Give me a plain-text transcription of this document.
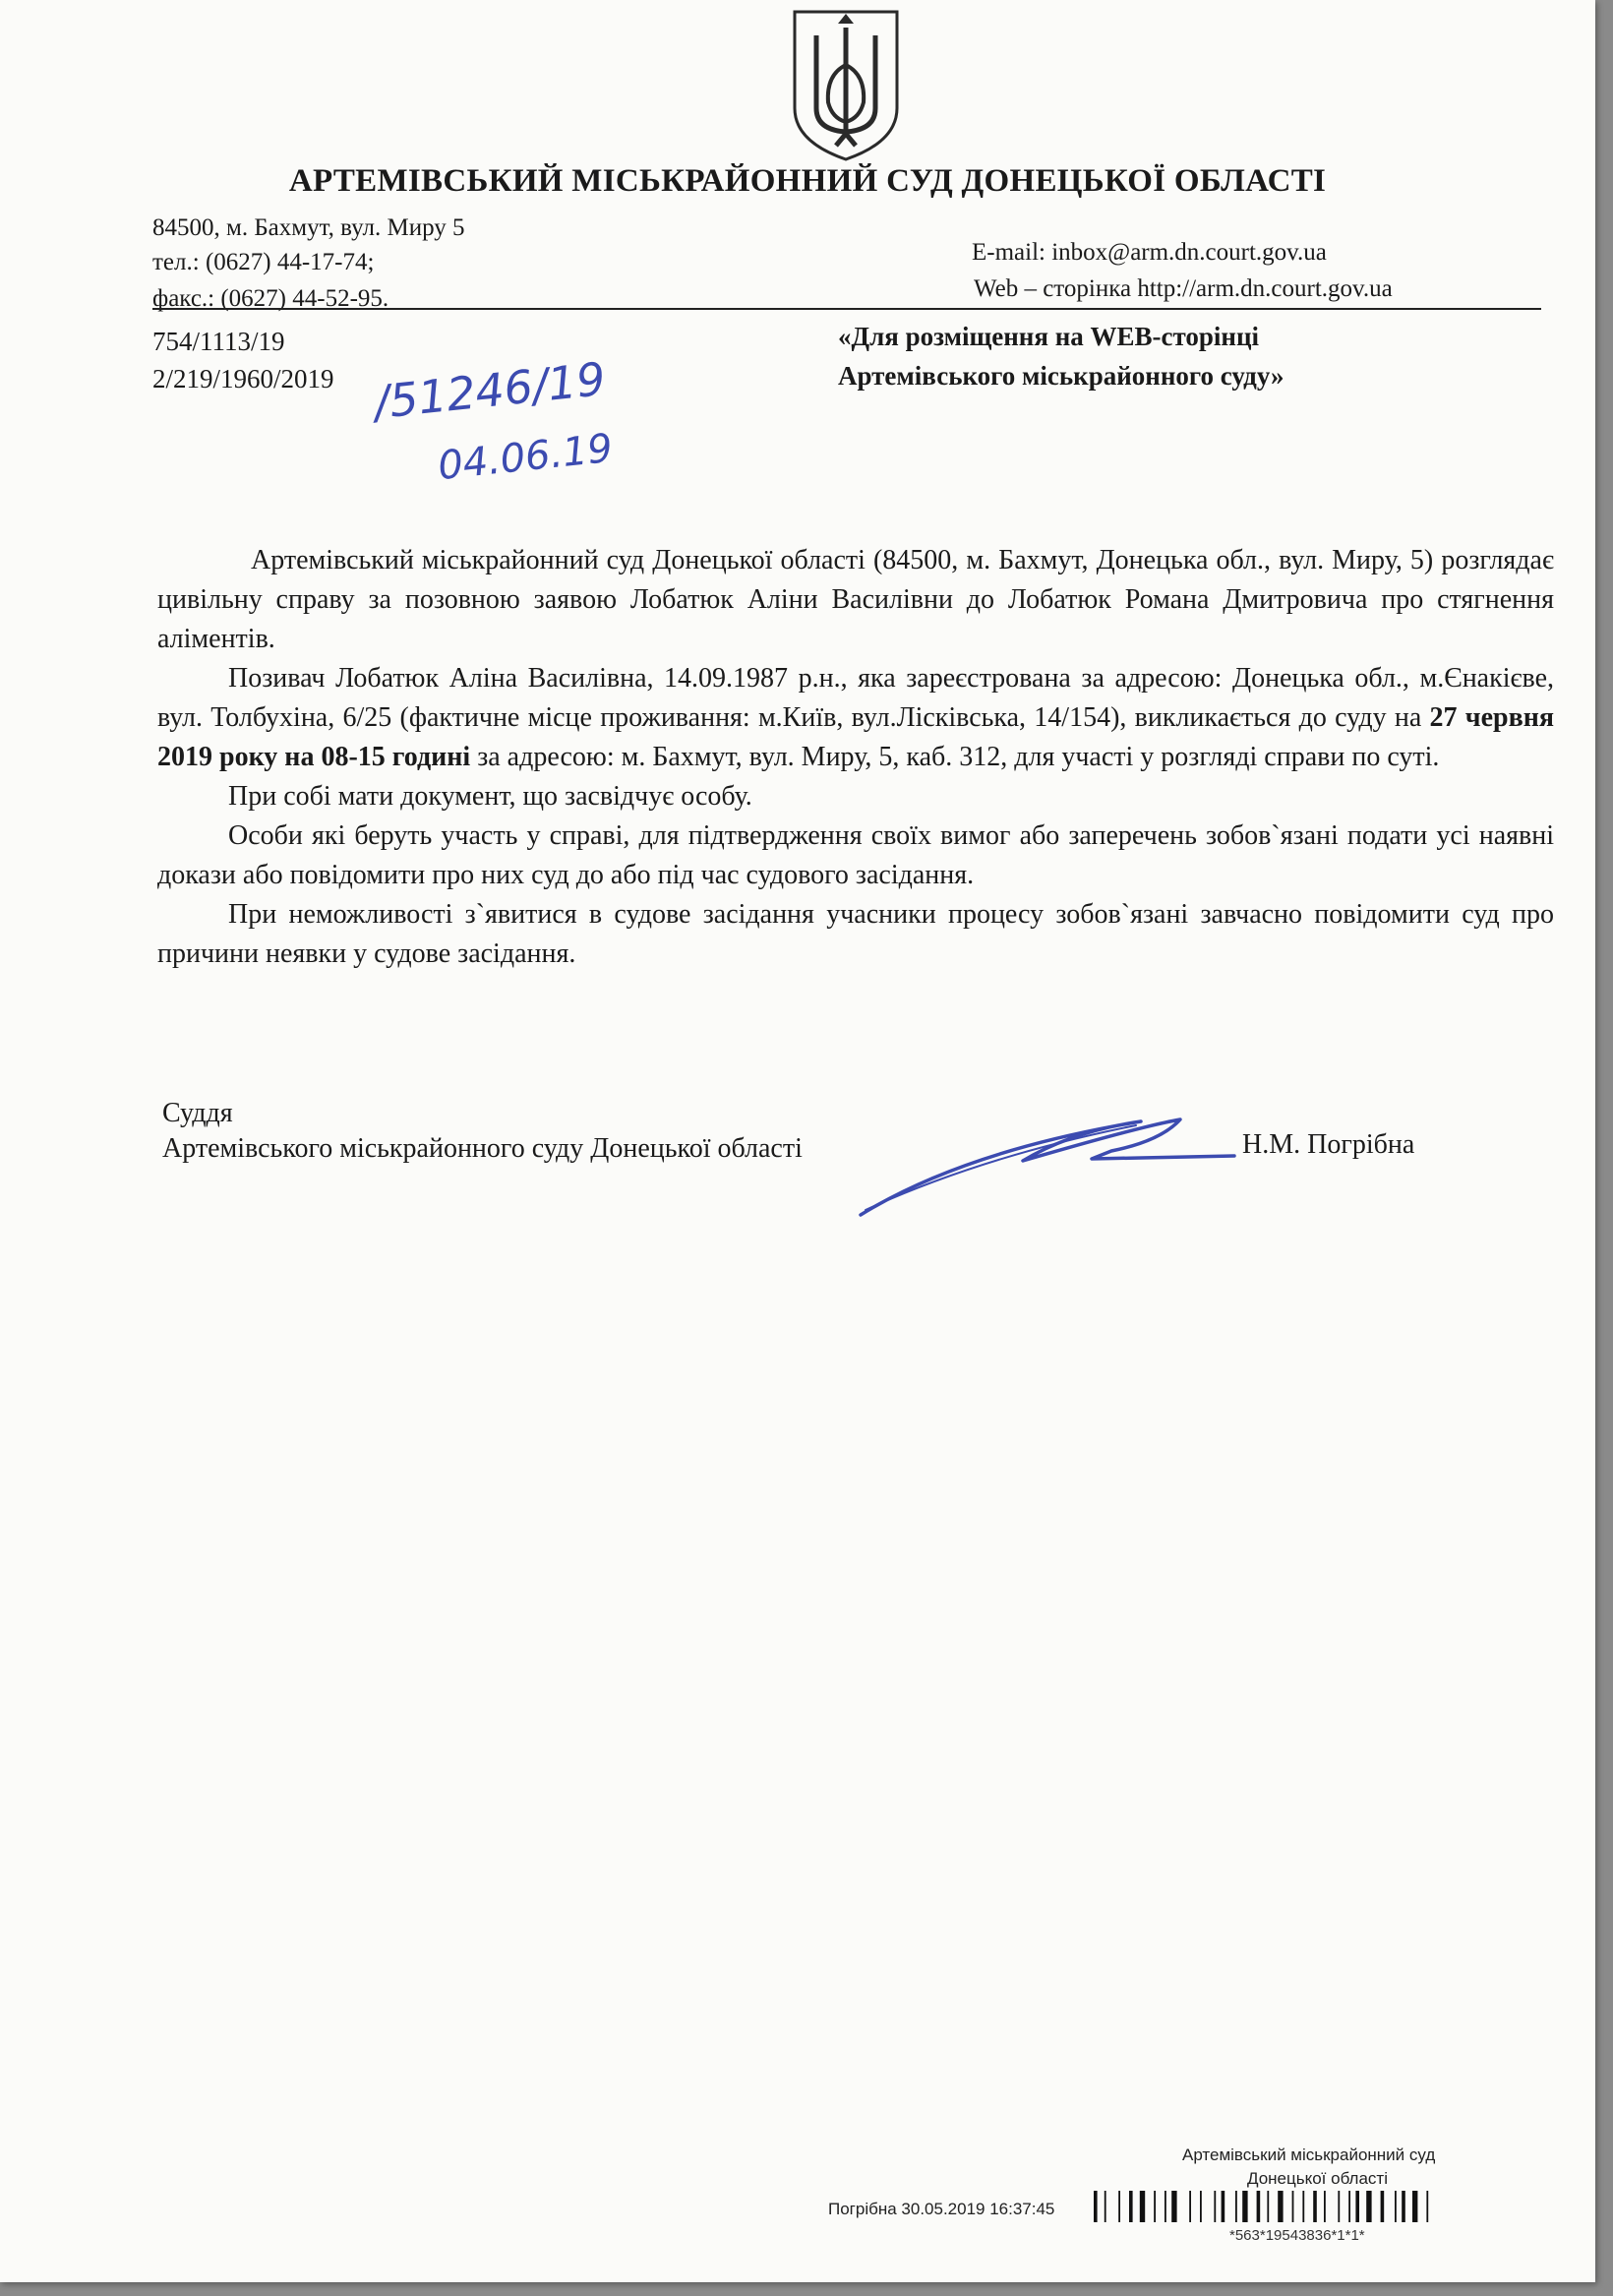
АРТЕМІВСЬКИЙ МІСЬКРАЙОННИЙ СУД ДОНЕЦЬКОЇ ОБЛАСТІ
84500, м. Бахмут, вул. Миру 5
тел.: (0627) 44-17-74;
факс.: (0627) 44-52-95.
E-mail: inbox@arm.dn.court.gov.ua
Web – сторінка http://arm.dn.court.gov.ua
754/1113/19
2/219/1960/2019 /51246/19
04.06.19
«Для розміщення на WEB-сторінці
Артемівського міськрайонного суду»

Артемівський міськрайонний суд Донецької області (84500, м. Бахмут, Донецька обл., вул. Миру, 5) розглядає цивільну справу за позовною заявою Лобатюк Аліни Василівни до Лобатюк Романа Дмитровича про стягнення аліментів.

Позивач Лобатюк Аліна Василівна, 14.09.1987 р.н., яка зареєстрована за адресою: Донецька обл., м.Єнакієве, вул. Толбухіна, 6/25 (фактичне місце проживання: м.Київ, вул.Лісківська, 14/154), викликається до суду на 27 червня 2019 року на 08-15 годині за адресою: м. Бахмут, вул. Миру, 5, каб. 312, для участі у розгляді справи по суті.

При собі мати документ, що засвідчує особу.

Особи які беруть участь у справі, для підтвердження своїх вимог або заперечень зобов`язані подати усі наявні докази або повідомити про них суд до або під час судового засідання.

При неможливості з`явитися в судове засідання учасники процесу зобов`язані завчасно повідомити суд про причини неявки у судове засідання.

Суддя
Артемівського міськрайонного суду Донецької області	Н.М. Погрібна
Артемівський міськрайонний суд
Донецької області
Погрібна 30.05.2019 16:37:45
*563*19543836*1*1*
